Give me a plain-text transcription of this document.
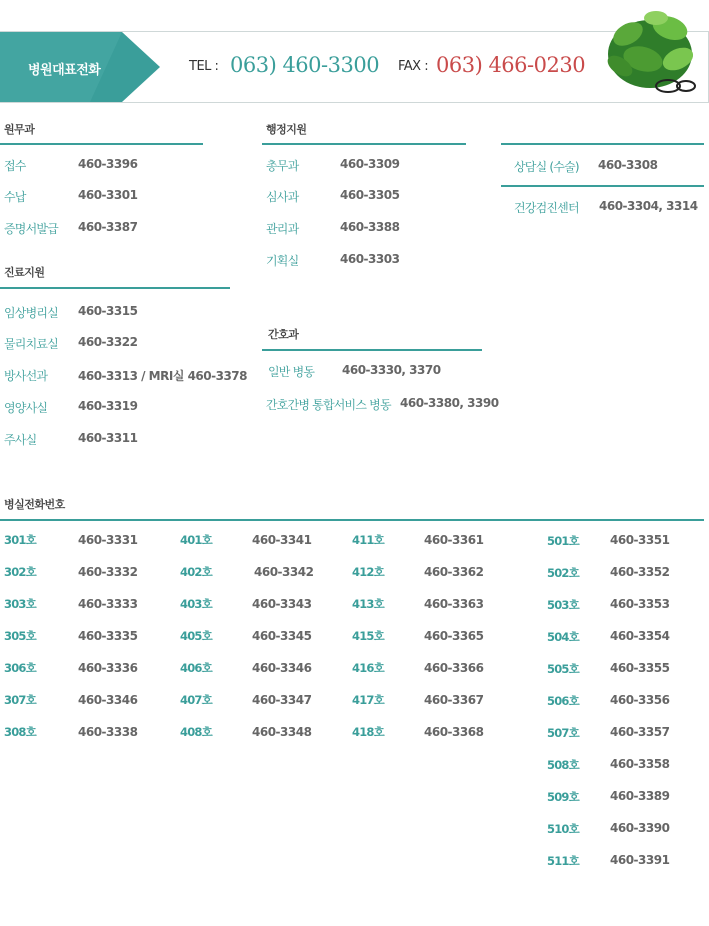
병원대표전화	TEL : 063) 460-3300 FAX : 063) 466-0230
원무과
접수	460-3396
수납	460-3301
증명서발급 460-3387
진료지원
임상병리실 460-3315
물리치료실 460-3322
방사선과	460-3313 / MRI실 460-3378
영양사실	460-3319
주사실	460-3311
행정지원
총무과	460-3309
심사과	460-3305
관리과	460-3388
기획실	460-3303
간호과
일반 병동 460-3330, 3370
간호간병 통합서비스 병동 460-3380, 3390
상담실 (수술) 460-3308
건강검진센터 460-3304, 3314
병실전화번호
301호	460-3331
302호	460-3332
303호	460-3333
305호	460-3335
306호	460-3336
307호	460-3346
308호	460-3338
401호	460-3341
402호	460-3342
403호	460-3343
405호	460-3345
406호	460-3346
407호	460-3347
408호	460-3348
411호	460-3361
412호	460-3362
413호	460-3363
415호	460-3365
416호	460-3366
417호	460-3367
418호	460-3368
501호	460-3351
502호	460-3352
503호	460-3353
504호	460-3354
505호	460-3355
506호	460-3356
507호	460-3357
508호	460-3358
509호	460-3389
510호	460-3390
511호	460-3391
